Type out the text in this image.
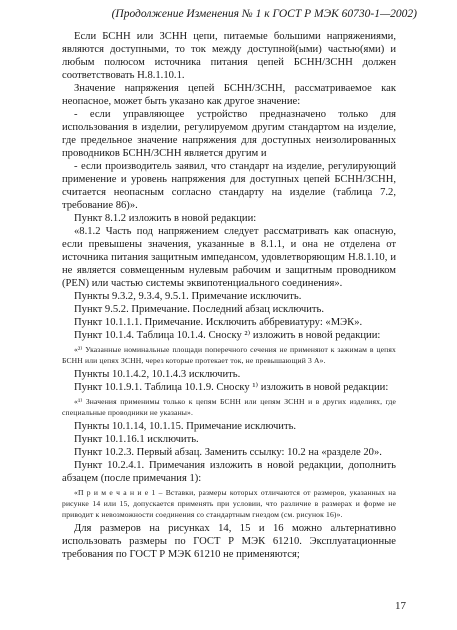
(Продолжение Изменения № 1 к ГОСТ Р МЭК 60730-1—2002)

Если БСНН или ЗСНН цепи, питаемые большими напряжениями, являются доступными, то ток между доступной(ыми) частью(ями) и любым полюсом источника питания цепей БСНН/ЗСНН должен соответствовать Н.8.1.10.1.

Значение напряжения цепей БСНН/ЗСНН, рассматриваемое как неопасное, может быть указано как другое значение:

- если управляющее устройство предназначено только для использования в изделии, регулируемом другим стандартом на изделие, где предельное значение напряжения для доступных неизолированных проводников БСНН/ЗСНН является другим и

- если производитель заявил, что стандарт на изделие, регулирующий применение и уровень напряжения для доступных цепей БСНН/ЗСНН, считается неопасным согласно стандарту на изделие (таблица 7.2, требование 86)».

Пункт 8.1.2 изложить в новой редакции:

«8.1.2 Часть под напряжением следует рассматривать как опасную, если превышены значения, указанные в 8.1.1, и она не отделена от источника питания защитным импедансом, удовлетворяющим Н.8.1.10, и не является совмещенным нулевым рабочим и защитным проводником (PEN) или частью системы эквипотенциального соединения».

Пункты 9.3.2, 9.3.4, 9.5.1. Примечание исключить.

Пункт 9.5.2. Примечание. Последний абзац исключить.

Пункт 10.1.1.1. Примечание. Исключить аббревиатуру: «МЭК».

Пункт 10.1.4. Таблица 10.1.4. Сноску ²⁾ изложить в новой редакции:

«²⁾ Указанные номинальные площади поперечного сечения не применяют к зажимам в цепях БСНН или цепях ЗСНН, через которые протекает ток, не превышающий 3 А».

Пункты 10.1.4.2, 10.1.4.3 исключить.

Пункт 10.1.9.1. Таблица 10.1.9. Сноску ¹⁾ изложить в новой редакции:

«¹⁾ Значения применимы только к цепям БСНН или цепям ЗСНН и в других изделиях, где специальные проводники не указаны».

Пункты 10.1.14, 10.1.15. Примечание исключить.

Пункт 10.1.16.1 исключить.

Пункт 10.2.3. Первый абзац. Заменить ссылку: 10.2 на «разделе 20».

Пункт 10.2.4.1. Примечания изложить в новой редакции, дополнить абзацем (после примечания 1):

«П р и м е ч а н и е 1 – Вставки, размеры которых отличаются от размеров, указанных на рисунке 14 или 15, допускается применять при условии, что различие в размерах и форме не приводит к невозможности соединения со стандартным гнездом (см. рисунок 16)».

Для размеров на рисунках 14, 15 и 16 можно альтернативно использовать размеры по ГОСТ Р МЭК 61210. Эксплуатационные требования по ГОСТ Р МЭК 61210 не применяются;

17
